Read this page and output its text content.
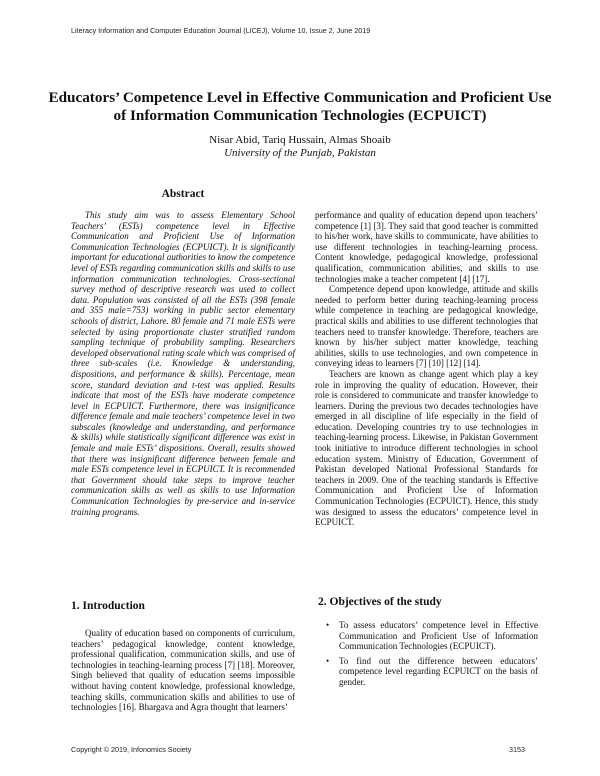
Literacy Information and Computer Education Journal (LICEJ), Volume 10, Issue 2, June 2019
Educators’ Competence Level in Effective Communication and Proficient Use
of Information Communication Technologies (ECPUICT)
Nisar Abid, Tariq Hussain, Almas Shoaib
University of the Punjab, Pakistan
Abstract

This study aim was to assess Elementary School Teachers’ (ESTs) competence level in Effective Communication and Proficient Use of Information Communication Technologies (ECPUICT). It is significantly important for educational authorities to know the competence level of ESTs regarding communication skills and skills to use information communication technologies. Cross-sectional survey method of descriptive research was used to collect data. Population was consisted of all the ESTs (398 female and 355 male=753) working in public sector elementary schools of district, Lahore. 80 female and 71 male ESTs were selected by using proportionate cluster stratified random sampling technique of probability sampling. Researchers developed observational rating scale which was comprised of three sub-scales (i.e. Knowledge & understanding, dispositions, and performance & skills). Percentage, mean score, standard deviation and t-test was applied. Results indicate that most of the ESTs have moderate competence level in ECPUICT. Furthermore, there was insignificance difference female and male teachers’ competence level in two subscales (knowledge and understanding, and performance & skills) while statistically significant difference was exist in female and male ESTs’ dispositions. Overall, results showed that there was insignificant difference between female and male ESTs competence level in ECPUICT. It is recommended that Government should take steps to improve teacher communication skills as well as skills to use Information Communication Technologies by pre-service and in-service training programs.

1. Introduction

Quality of education based on components of curriculum, teachers’ pedagogical knowledge, content knowledge, professional qualification, communication skills, and use of technologies in teaching-learning process [7] [18]. Moreover, Singh believed that quality of education seems impossible without having content knowledge, professional knowledge, teaching skills, communication skills and abilities to use of technologies [16]. Bhargava and Agra thought that learners’

performance and quality of education depend upon teachers’ competence [1] [3]. They said that good teacher is committed to his/her work, have skills to communicate, have abilities to use different technologies in teaching-learning process. Content knowledge, pedagogical knowledge, professional qualification, communication abilities, and skills to use technologies make a teacher competent [4] [17].

Competence depend upon knowledge, attitude and skills needed to perform better during teaching-learning process while competence in teaching are pedagogical knowledge, practical skills and abilities to use different technologies that teachers need to transfer knowledge. Therefore, teachers are known by his/her subject matter knowledge, teaching abilities, skills to use technologies, and own competence in conveying ideas to learners [7] [10] [12] [14].

Teachers are known as change agent which play a key role in improving the quality of education. However, their role is considered to communicate and transfer knowledge to learners. During the previous two decades technologies have emerged in all discipline of life especially in the field of education. Developing countries try to use technologies in teaching-learning process. Likewise, in Pakistan Government took initiative to introduce different technologies in school education system. Ministry of Education, Government of Pakistan developed National Professional Standards for teachers in 2009. One of the teaching standards is Effective Communication and Proficient Use of Information Communication Technologies (ECPUICT). Hence, this study was designed to assess the educators’ competence level in ECPUICT.

2. Objectives of the study
• To assess educators’ competence level in Effective Communication and Proficient Use of Information Communication Technologies (ECPUICT).
• To find out the difference between educators’ competence level regarding ECPUICT on the basis of gender.
Copyright © 2019, Infonomics Society	3153
